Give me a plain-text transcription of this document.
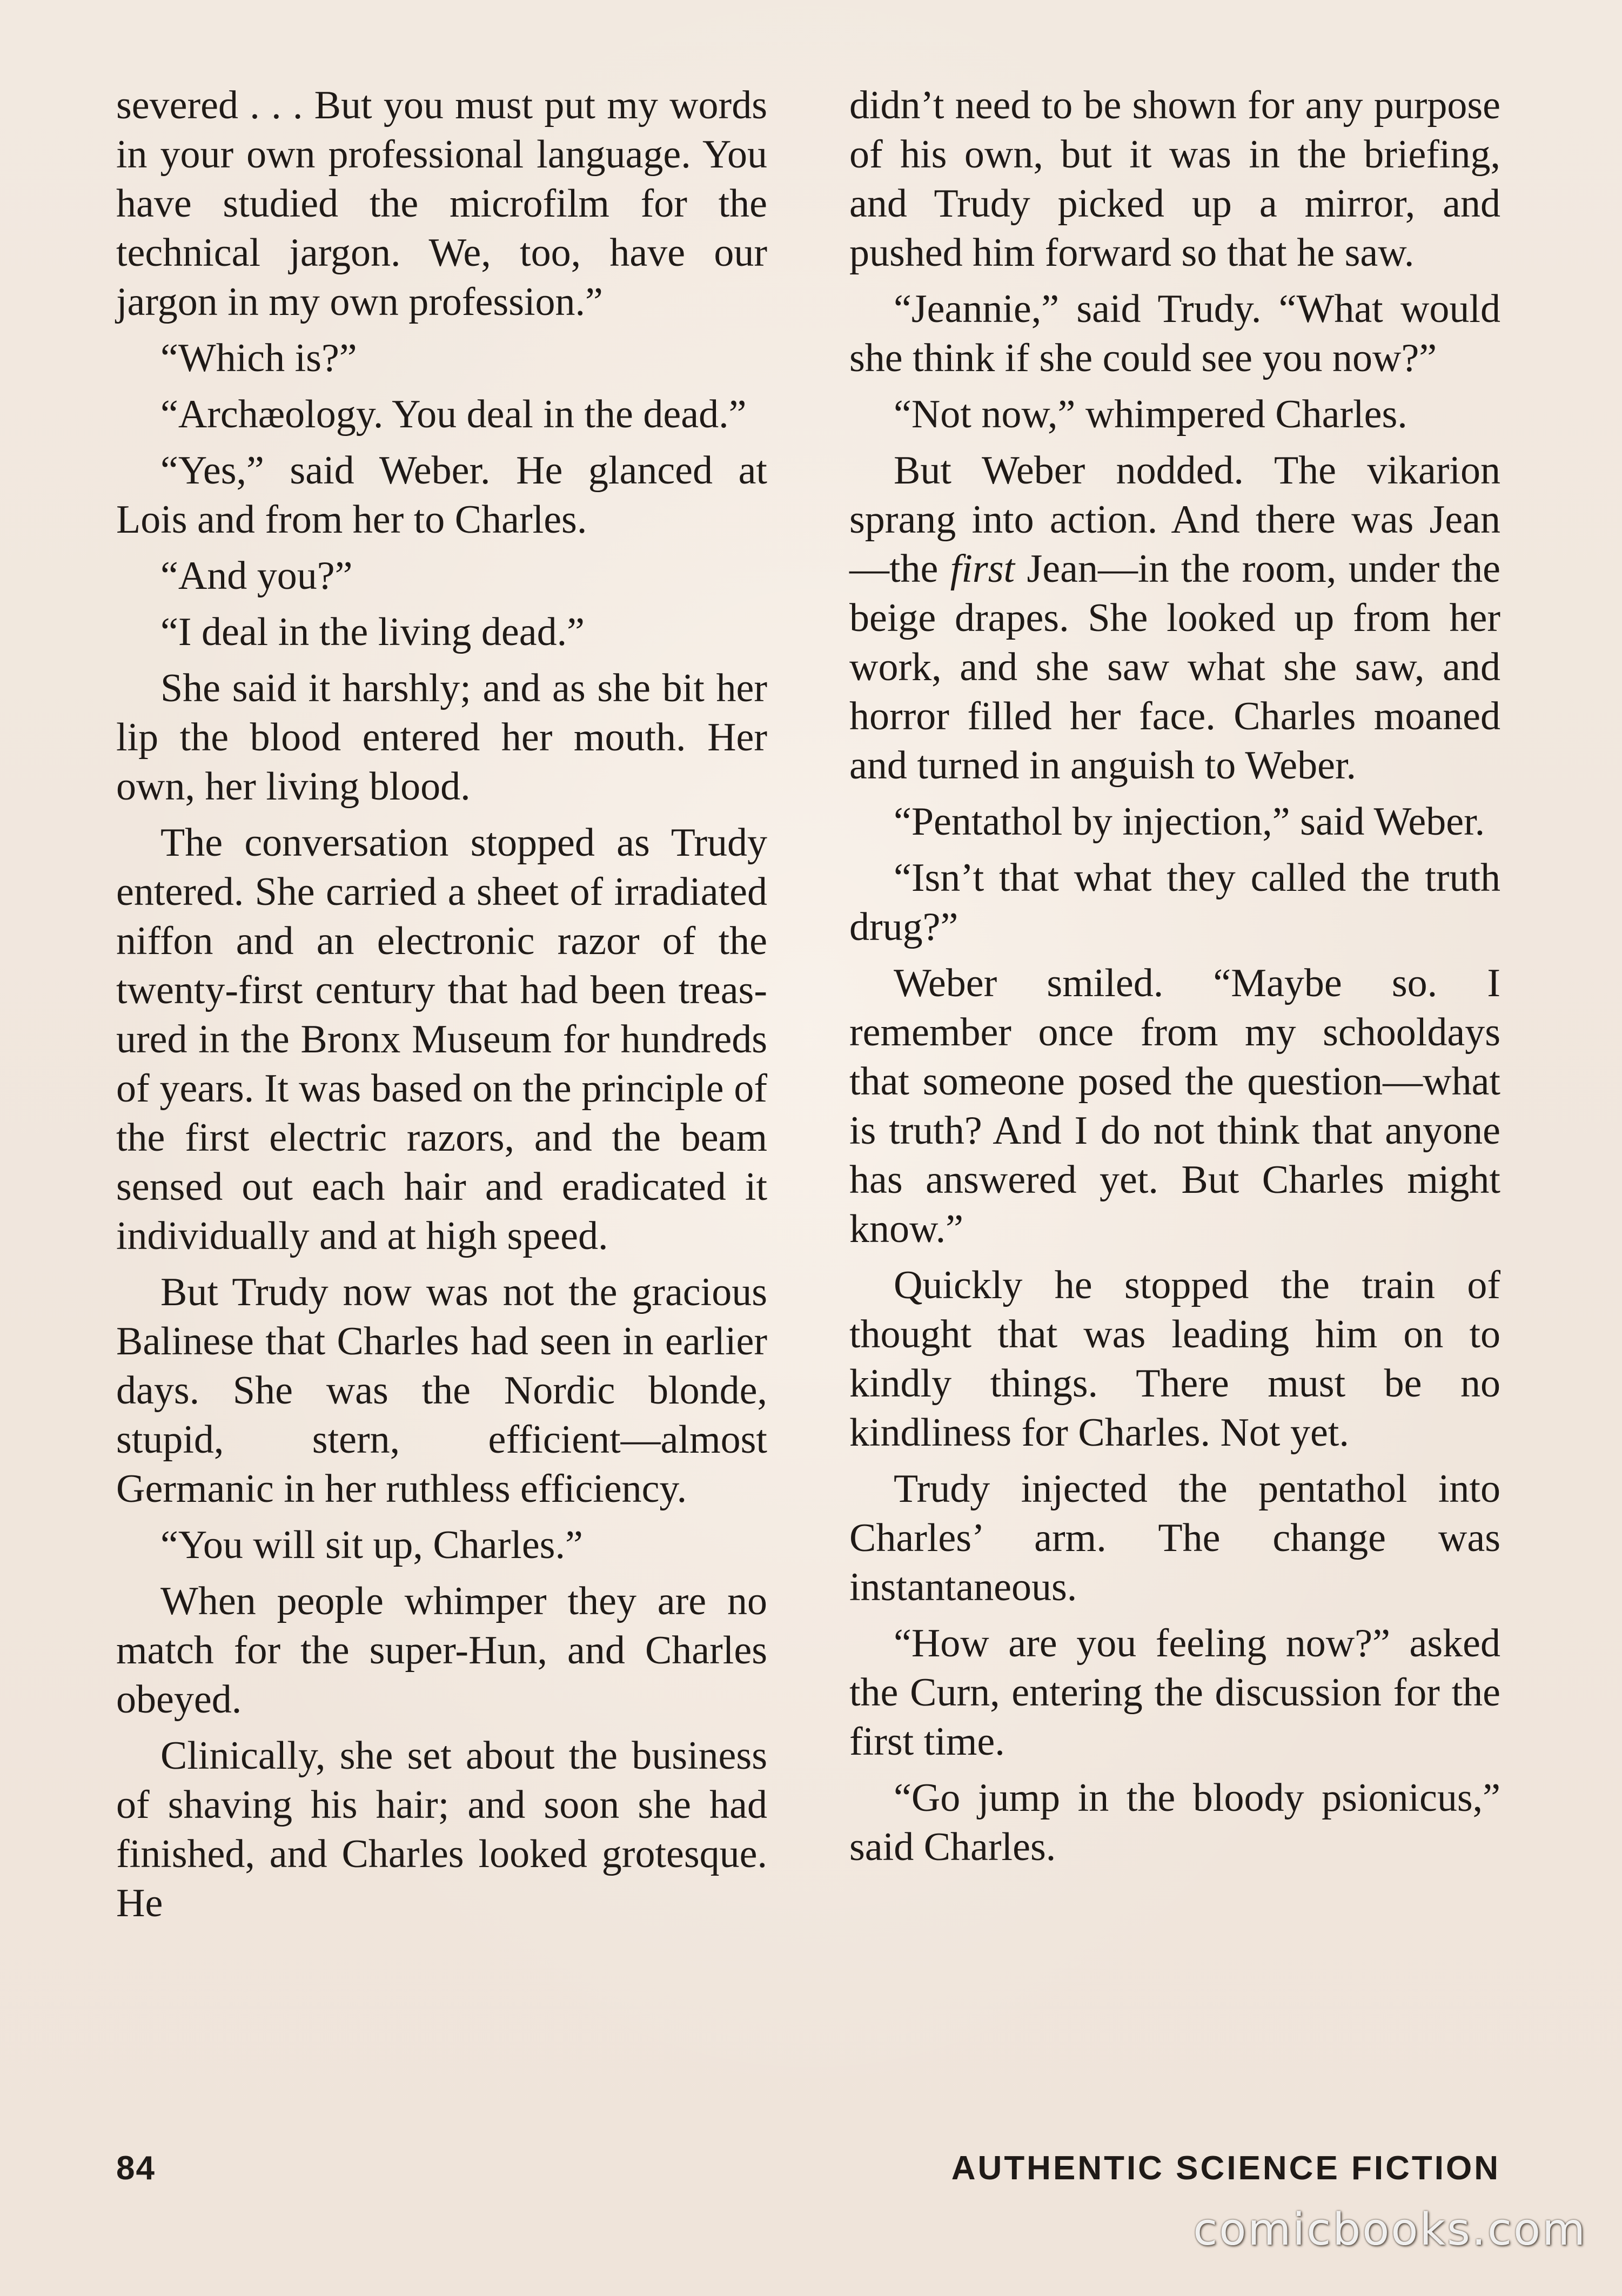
severed . . . But you must put my words in your own professional language. You have studied the microfilm for the technical jargon. We, too, have our jargon in my own profession.”

“Which is?”

“Archæology. You deal in the dead.”

“Yes,” said Weber. He glanced at Lois and from her to Charles.

“And you?”

“I deal in the living dead.”

She said it harshly; and as she bit her lip the blood entered her mouth. Her own, her living blood.

The conversation stopped as Trudy entered. She carried a sheet of irradiated niffon and an electronic razor of the twenty-first century that had been treasured in the Bronx Museum for hundreds of years. It was based on the principle of the first electric razors, and the beam sensed out each hair and eradicated it individually and at high speed.

But Trudy now was not the gracious Balinese that Charles had seen in earlier days. She was the Nordic blonde, stupid, stern, efficient—almost Germanic in her ruthless efficiency.

“You will sit up, Charles.”

When people whimper they are no match for the super-Hun, and Charles obeyed.

Clinically, she set about the business of shaving his hair; and soon she had finished, and Charles looked grotesque. He

didn’t need to be shown for any purpose of his own, but it was in the briefing, and Trudy picked up a mirror, and pushed him forward so that he saw.

“Jeannie,” said Trudy. “What would she think if she could see you now?”

“Not now,” whimpered Charles.

But Weber nodded. The vikarion sprang into action. And there was Jean—the first Jean—in the room, under the beige drapes. She looked up from her work, and she saw what she saw, and horror filled her face. Charles moaned and turned in anguish to Weber.

“Pentathol by injection,” said Weber.

“Isn’t that what they called the truth drug?”

Weber smiled. “Maybe so. I remember once from my schooldays that someone posed the question—what is truth? And I do not think that anyone has answered yet. But Charles might know.”

Quickly he stopped the train of thought that was leading him on to kindly things. There must be no kindliness for Charles. Not yet.

Trudy injected the pentathol into Charles’ arm. The change was instantaneous.

“How are you feeling now?” asked the Curn, entering the discussion for the first time.

“Go jump in the bloody psionicus,” said Charles.

84	AUTHENTIC SCIENCE FICTION
comicbooks.com
